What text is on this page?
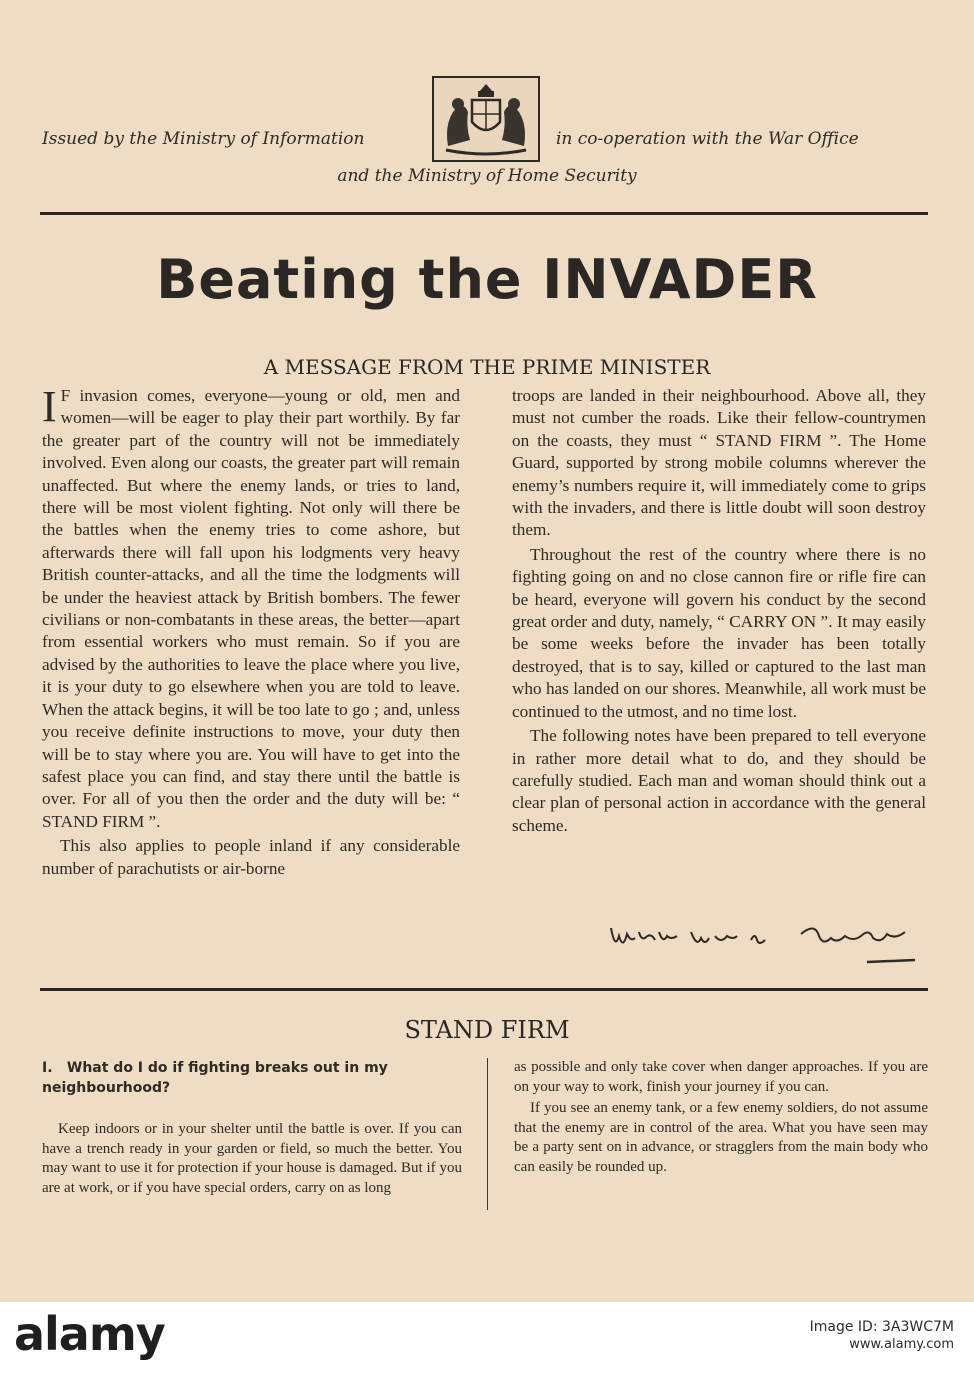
Issued by the Ministry of Information	in co-operation with the War Office
and the Ministry of Home Security
Beating the INVADER
A MESSAGE FROM THE PRIME MINISTER

I F invasion comes, everyone—young or old, men and women—will be eager to play their part worthily. By far the greater part of the country will not be immediately involved. Even along our coasts, the greater part will remain unaffected. But where the enemy lands, or tries to land, there will be most violent fighting. Not only will there be the battles when the enemy tries to come ashore, but afterwards there will fall upon his lodgments very heavy British counter-attacks, and all the time the lodgments will be under the heaviest attack by British bombers. The fewer civilians or non-combatants in these areas, the better—apart from essential workers who must remain. So if you are advised by the authorities to leave the place where you live, it is your duty to go elsewhere when you are told to leave. When the attack begins, it will be too late to go ; and, unless you receive definite instructions to move, your duty then will be to stay where you are. You will have to get into the safest place you can find, and stay there until the battle is over. For all of you then the order and the duty will be: “ STAND FIRM ”.

This also applies to people inland if any considerable number of parachutists or air-borne

troops are landed in their neighbourhood. Above all, they must not cumber the roads. Like their fellow-countrymen on the coasts, they must “ STAND FIRM ”. The Home Guard, supported by strong mobile columns wherever the enemy’s numbers require it, will immediately come to grips with the invaders, and there is little doubt will soon destroy them.

Throughout the rest of the country where there is no fighting going on and no close cannon fire or rifle fire can be heard, everyone will govern his conduct by the second great order and duty, namely, “ CARRY ON ”. It may easily be some weeks before the invader has been totally destroyed, that is to say, killed or captured to the last man who has landed on our shores. Meanwhile, all work must be continued to the utmost, and no time lost.

The following notes have been prepared to tell everyone in rather more detail what to do, and they should be carefully studied. Each man and woman should think out a clear plan of personal action in accordance with the general scheme.

STAND FIRM
I. What do I do if fighting breaks out in my neighbourhood?

Keep indoors or in your shelter until the battle is over. If you can have a trench ready in your garden or field, so much the better. You may want to use it for protection if your house is damaged. But if you are at work, or if you have special orders, carry on as long

as possible and only take cover when danger approaches. If you are on your way to work, finish your journey if you can.

If you see an enemy tank, or a few enemy soldiers, do not assume that the enemy are in control of the area. What you have seen may be a party sent on in advance, or stragglers from the main body who can easily be rounded up.

alamy	Image ID: 3A3WC7M
www.alamy.com
